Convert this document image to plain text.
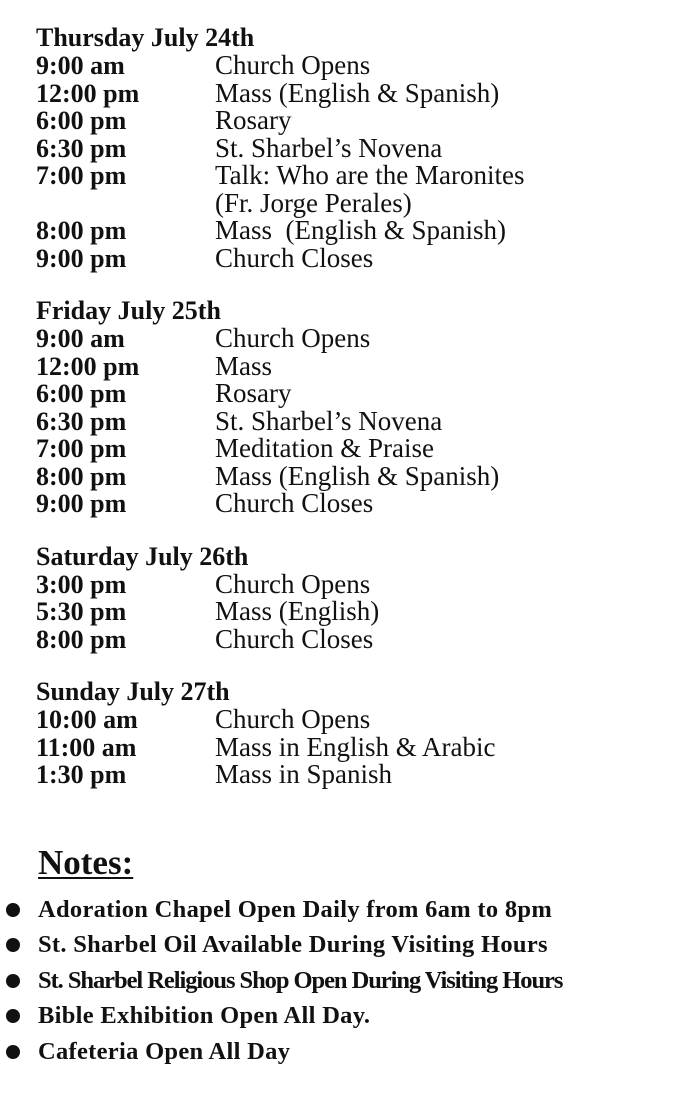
Thursday July 24th
9:00 am	Church Opens
12:00 pm	Mass (English & Spanish)
6:00 pm	Rosary
6:30 pm	St. Sharbel’s Novena
7:00 pm	Talk: Who are the Maronites
(Fr. Jorge Perales)
8:00 pm	Mass  (English & Spanish)
9:00 pm	Church Closes
Friday July 25th
9:00 am	Church Opens
12:00 pm	Mass
6:00 pm	Rosary
6:30 pm	St. Sharbel’s Novena
7:00 pm	Meditation & Praise
8:00 pm	Mass (English & Spanish)
9:00 pm	Church Closes
Saturday July 26th
3:00 pm	Church Opens
5:30 pm	Mass (English)
8:00 pm	Church Closes
Sunday July 27th
10:00 am	Church Opens
11:00 am	Mass in English & Arabic
1:30 pm	Mass in Spanish
Notes:
Adoration Chapel Open Daily from 6am to 8pm
St. Sharbel Oil Available During Visiting Hours
St. Sharbel Religious Shop Open During Visiting Hours
Bible Exhibition Open All Day.
Cafeteria Open All Day
